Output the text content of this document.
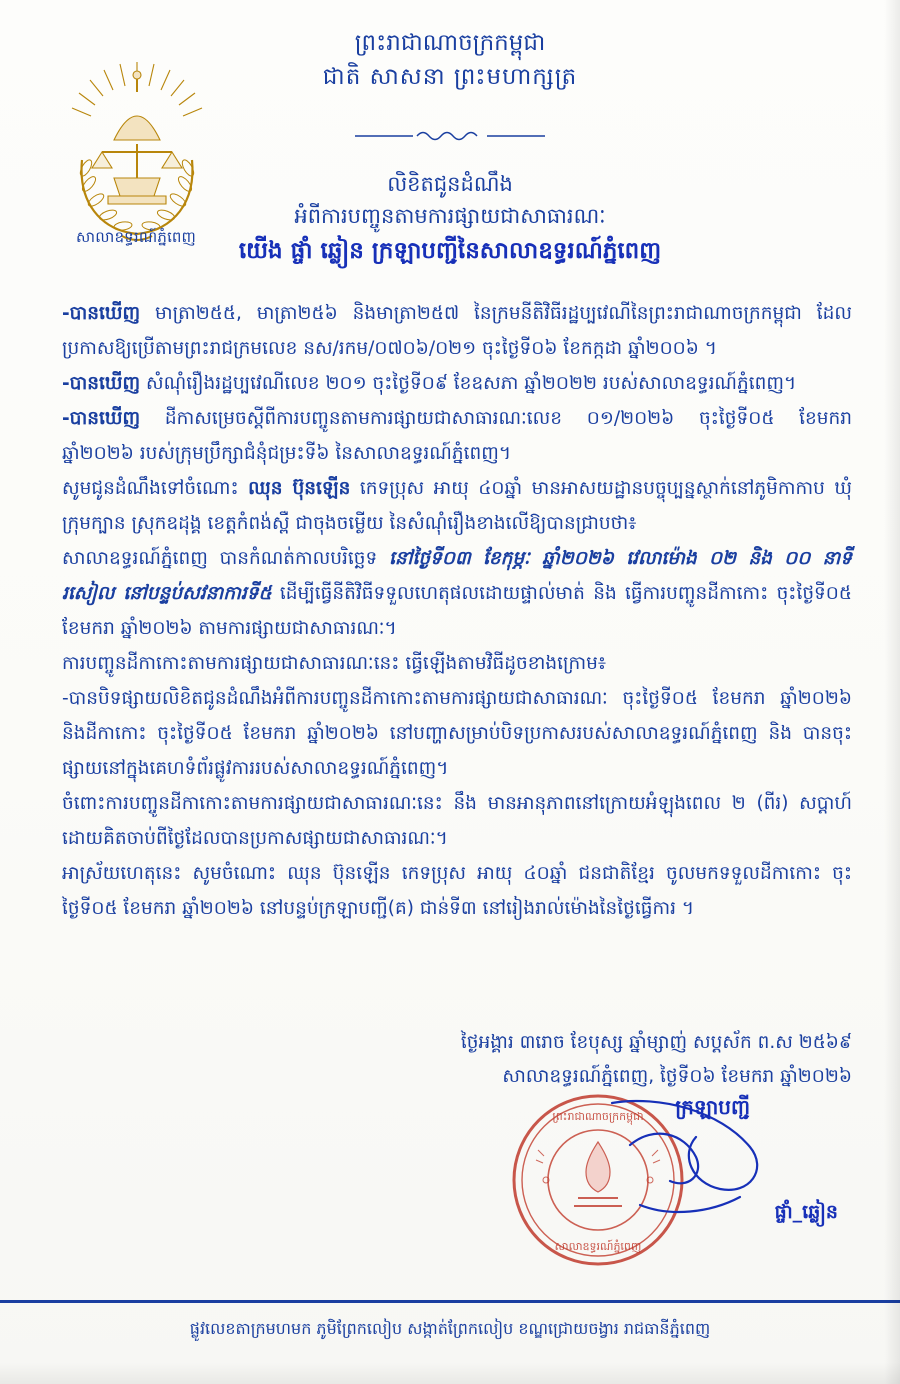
សាលាឧទ្ធរណ៍ភ្នំពេញ
ព្រះរាជាណាចក្រកម្ពុជា
ជាតិ សាសនា ព្រះមហាក្សត្រ
លិខិតជូនដំណឹង
អំពីការបញ្ចូនតាមការផ្សាយជាសាធារណៈ
យើង ផ្ចាំ ឆ្លៀន ក្រឡាបញ្ជីនៃសាលាឧទ្ធរណ៍ភ្នំពេញ

-បានឃើញ មាត្រា២៥៥, មាត្រា២៥៦ និងមាត្រា២៥៧ នៃក្រមនីតិវិធីរដ្ឋប្បវេណីនៃព្រះរាជាណាចក្រកម្ពុជា ដែលប្រកាសឱ្យប្រើតាមព្រះរាជក្រមលេខ នស/រកម/០៧០៦/០២១ ចុះថ្ងៃទី០៦ ខែកក្កដា ឆ្នាំ២០០៦ ។

-បានឃើញ សំណុំរឿងរដ្ឋប្បវេណីលេខ ២០១ ចុះថ្ងៃទី០៩ ខែឧសភា ឆ្នាំ២០២២ របស់សាលាឧទ្ធរណ៍ភ្នំពេញ។

-បានឃើញ ដីកាសម្រេចស្តីពីការបញ្ចូនតាមការផ្សាយជាសាធារណៈលេខ ០១/២០២៦ ចុះថ្ងៃទី០៥ ខែមករា ឆ្នាំ២០២៦ របស់ក្រុមប្រឹក្សាជំនុំជម្រះទី៦ នៃសាលាឧទ្ធរណ៍ភ្នំពេញ។

សូមជូនដំណឹងទៅចំណោះ ឈុន ប៊ុនឡេីន កេទប្រុស អាយុ ៤០ឆ្នាំ មានអាសយដ្ឋានបច្ចុប្បន្នស្ថាក់នៅភូមិកាកាប ឃុំក្រុមក្បាន ស្រុកឧដុង្គ ខេត្តកំពង់ស្ពឺ ជាចុងចម្លើយ នៃសំណុំរឿងខាងលើឱ្យបានជ្រាបថា៖

សាលាឧទ្ធរណ៍ភ្នំពេញ បានកំណត់កាលបរិច្ឆេទ នៅថ្ងៃទី០៣ ខែកុម្ភៈ ឆ្នាំ២០២៦ វេលាម៉ោង ០២ និង ០០ នាទី រសៀល នៅបន្ទប់សវនាការទី៥ ដើម្បីធ្វើនីតិវិធីទទួលហេតុផលដោយផ្ទាល់មាត់ និង ធ្វើការបញ្ចូនដីកាកោះ ចុះថ្ងៃទី០៥ ខែមករា ឆ្នាំ២០២៦ តាមការផ្សាយជាសាធារណៈ។

ការបញ្ចូនដីកាកោះតាមការផ្សាយជាសាធារណៈនេះ ធ្វើឡើងតាមវិធីដូចខាងក្រោម៖

-បានបិទផ្សាយលិខិតជូនដំណឹងអំពីការបញ្ចូនដីកាកោះតាមការផ្សាយជាសាធារណៈ ចុះថ្ងៃទី០៥ ខែមករា ឆ្នាំ២០២៦ និងដីកាកោះ ចុះថ្ងៃទី០៥ ខែមករា ឆ្នាំ២០២៦ នៅបញ្ហាសម្រាប់បិទប្រកាសរបស់សាលាឧទ្ធរណ៍ភ្នំពេញ និង បានចុះផ្សាយនៅក្នុងគេហទំព័រផ្លូវការរបស់សាលាឧទ្ធរណ៍ភ្នំពេញ។

ចំពោះការបញ្ចូនដីកាកោះតាមការផ្សាយជាសាធារណៈនេះ នឹង មានអានុភាពនៅក្រោយអំឡុងពេល ២ (ពីរ) សប្តាហ៍ ដោយគិតចាប់ពីថ្ងៃដែលបានប្រកាសផ្សាយជាសាធារណៈ។

អាស្រ័យហេតុនេះ សូមចំណោះ ឈុន ប៊ុនឡេីន កេទប្រុស អាយុ ៤០ឆ្នាំ ជនជាតិខ្មែរ ចូលមកទទួលដីកាកោះ ចុះថ្ងៃទី០៥ ខែមករា ឆ្នាំ២០២៦ នៅបន្ទប់ក្រឡាបញ្ជី(គ) ជាន់ទី៣ នៅរៀងរាល់ម៉ោងនៃថ្ងៃធ្វើការ ។

ថ្ងៃអង្គារ ៣រោច ខែបុស្ស ឆ្នាំម្សាញ់ សប្តស័ក ព.ស ២៥៦៩
សាលាឧទ្ធរណ៍ភ្នំពេញ, ថ្ងៃទី០៦ ខែមករា ឆ្នាំ២០២៦
ក្រឡាបញ្ជី
សាលាឧទ្ធរណ៍ភ្នំពេញ
ព្រះរាជាណាចក្រកម្ពុជា
ផ្ចាំ_ឆ្លៀន
ផ្លូវលេខតាក្រមហមក ភូមិព្រែកលៀប សង្កាត់ព្រែកលៀប ខណ្ឌជ្រោយចង្វារ រាជធានីភ្នំពេញ
